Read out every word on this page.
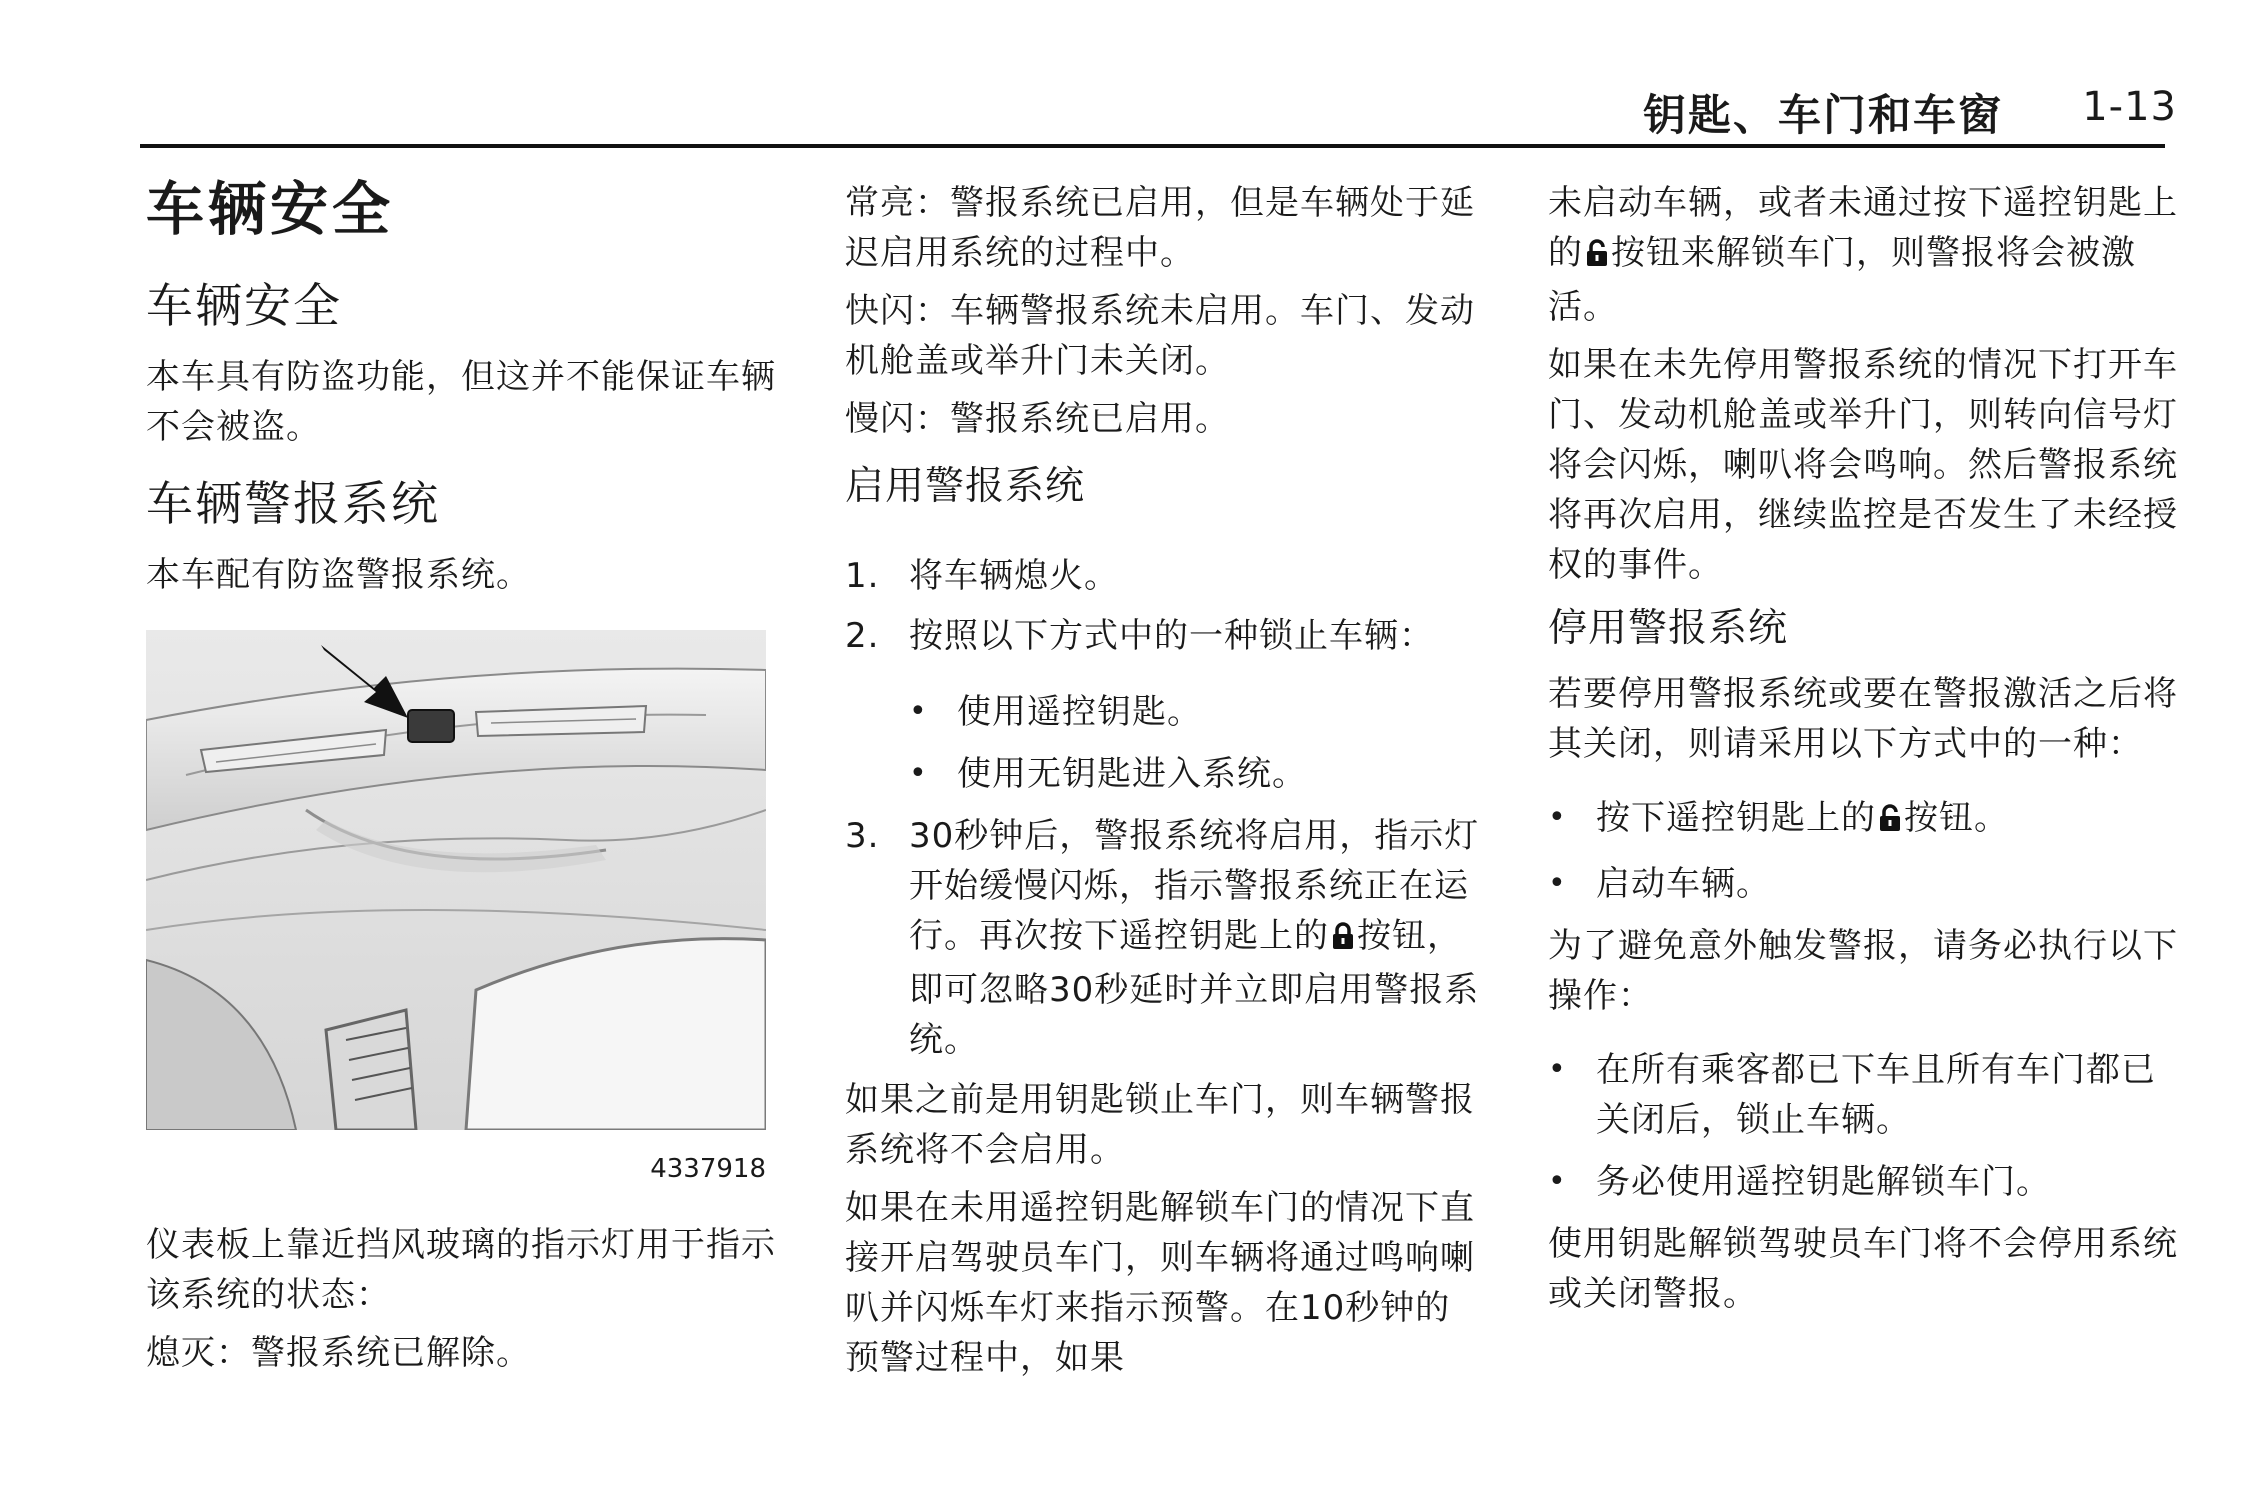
钥匙、车门和车窗 1-13
车辆安全
车辆安全
本车具有防盗功能，但这并不能保证车辆不会被盗。
车辆警报系统
本车配有防盗警报系统。
4337918
仪表板上靠近挡风玻璃的指示灯用于指示该系统的状态：
熄灭：警报系统已解除。
常亮：警报系统已启用，但是车辆处于延迟启用系统的过程中。
快闪：车辆警报系统未启用。车门、发动机舱盖或举升门未关闭。
慢闪：警报系统已启用。
启用警报系统
1. 将车辆熄火。
2. 按照以下方式中的一种锁止车辆：
• 使用遥控钥匙。
• 使用无钥匙进入系统。
3. 30秒钟后，警报系统将启用，指示灯开始缓慢闪烁，指示警报系统正在运行。再次按下遥控钥匙上的 按钮，即可忽略30秒延时并立即启用警报系统。
如果之前是用钥匙锁止车门，则车辆警报系统将不会启用。
如果在未用遥控钥匙解锁车门的情况下直接开启驾驶员车门，则车辆将通过鸣响喇叭并闪烁车灯来指示预警。在10秒钟的预警过程中，如果
未启动车辆，或者未通过按下遥控钥匙上的 按钮来解锁车门，则警报将会被激活。
如果在未先停用警报系统的情况下打开车门、发动机舱盖或举升门，则转向信号灯将会闪烁，喇叭将会鸣响。然后警报系统将再次启用，继续监控是否发生了未经授权的事件。
停用警报系统
若要停用警报系统或要在警报激活之后将其关闭，则请采用以下方式中的一种：
• 按下遥控钥匙上的 按钮。
• 启动车辆。
为了避免意外触发警报，请务必执行以下操作：
• 在所有乘客都已下车且所有车门都已关闭后，锁止车辆。
• 务必使用遥控钥匙解锁车门。
使用钥匙解锁驾驶员车门将不会停用系统或关闭警报。
